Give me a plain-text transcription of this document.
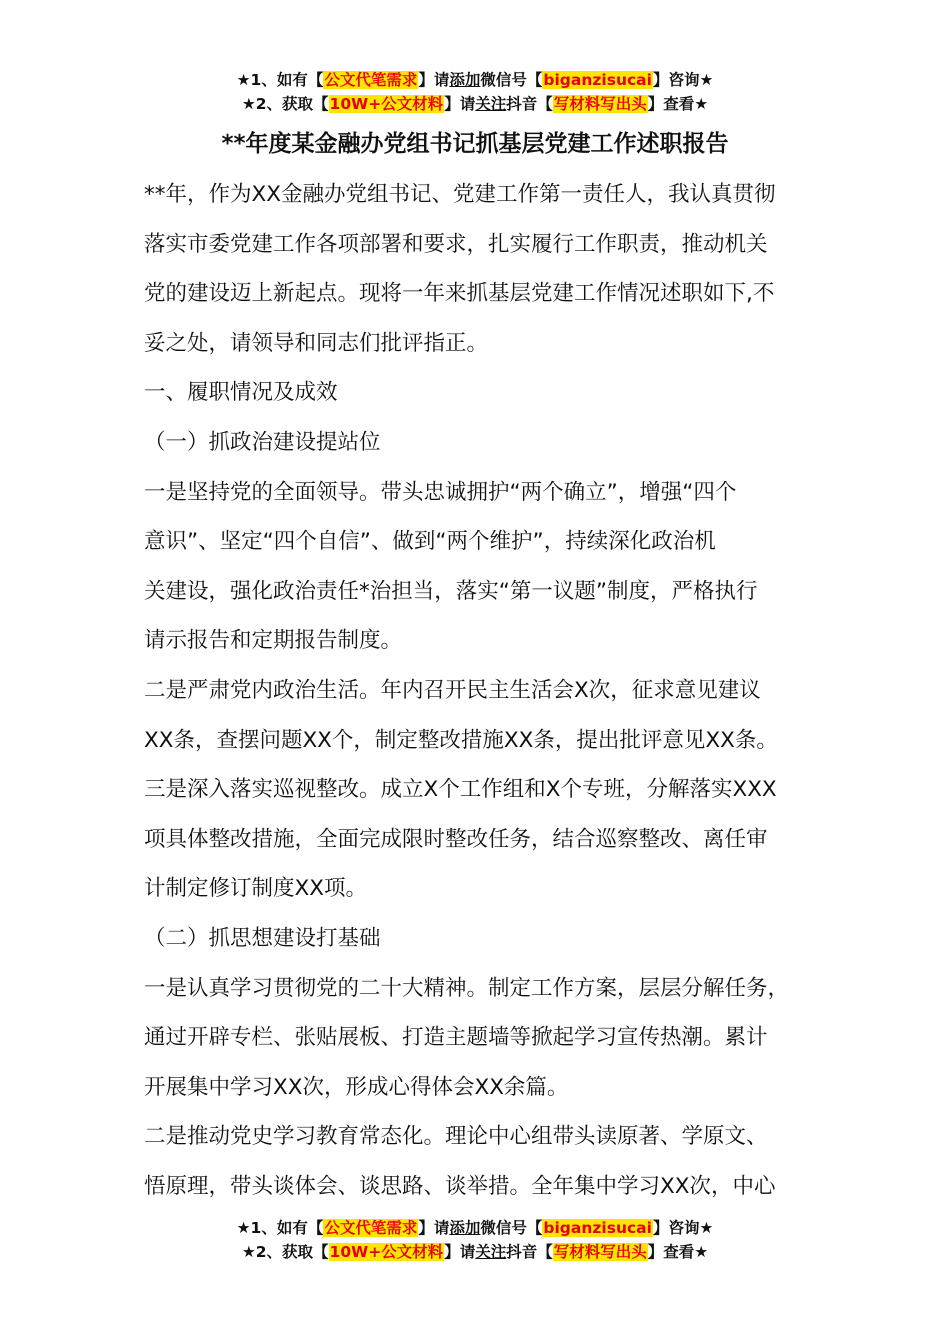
★1、如有【公文代笔需求】请添加微信号【biganzisucai】咨询★
★2、获取【10W+公文材料】请关注抖音【写材料写出头】查看★
**年度某金融办党组书记抓基层党建工作述职报告

**年，作为XX金融办党组书记、党建工作第一责任人，我认真贯彻

落实市委党建工作各项部署和要求，扎实履行工作职责，推动机关

党的建设迈上新起点。现将一年来抓基层党建工作情况述职如下,不

妥之处，请领导和同志们批评指正。

一、履职情况及成效

（一）抓政治建设提站位

一是坚持党的全面领导。带头忠诚拥护“两个确立”，增强“四个

意识”、坚定“四个自信”、做到“两个维护”，持续深化政治机

关建设，强化政治责任*治担当，落实“第一议题”制度，严格执行

请示报告和定期报告制度。

二是严肃党内政治生活。年内召开民主生活会X次，征求意见建议

XX条，查摆问题XX个，制定整改措施XX条，提出批评意见XX条。

三是深入落实巡视整改。成立X个工作组和X个专班，分解落实XXX

项具体整改措施，全面完成限时整改任务，结合巡察整改、离任审

计制定修订制度XX项。

（二）抓思想建设打基础

一是认真学习贯彻党的二十大精神。制定工作方案，层层分解任务，

通过开辟专栏、张贴展板、打造主题墙等掀起学习宣传热潮。累计

开展集中学习XX次，形成心得体会XX余篇。

二是推动党史学习教育常态化。理论中心组带头读原著、学原文、

悟原理，带头谈体会、谈思路、谈举措。全年集中学习XX次，中心

★1、如有【公文代笔需求】请添加微信号【biganzisucai】咨询★
★2、获取【10W+公文材料】请关注抖音【写材料写出头】查看★
